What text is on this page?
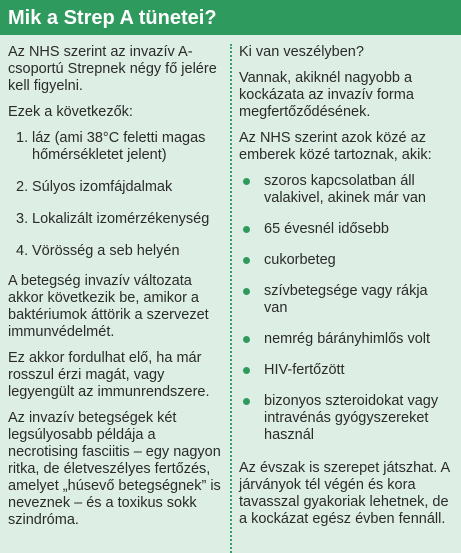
Mik a Strep A tünetei?

Az NHS szerint az invazív A-csoportú Strepnek négy fő jelére kell figyelni.

Ezek a következők:

1. láz (ami 38°C feletti magas hőmérsékletet jelent)
2. Súlyos izomfájdalmak
3. Lokalizált izomérzékenység
4. Vörösség a seb helyén

A betegség invazív változata akkor következik be, amikor a baktériumok áttörik a szervezet immunvédelmét.

Ez akkor fordulhat elő, ha már rosszul érzi magát, vagy legyengült az immunrendszere.

Az invazív betegségek két legsúlyosabb példája a necrotising fasciitis – egy nagyon ritka, de életveszélyes fertőzés, amelyet „húsevő betegségnek” is neveznek – és a toxikus sokk szindróma.

Ki van veszélyben?

Vannak, akiknél nagyobb a kockázata az invazív forma megfertőződésének.

Az NHS szerint azok közé az emberek közé tartoznak, akik:

szoros kapcsolatban áll valakivel, akinek már van
65 évesnél idősebb
cukorbeteg
szívbetegsége vagy rákja van
nemrég bárányhimlős volt
HIV-fertőzött
bizonyos szteroidokat vagy intravénás gyógyszereket használ

Az évszak is szerepet játszhat. A járványok tél végén és kora tavasszal gyakoriak lehetnek, de a kockázat egész évben fennáll.
